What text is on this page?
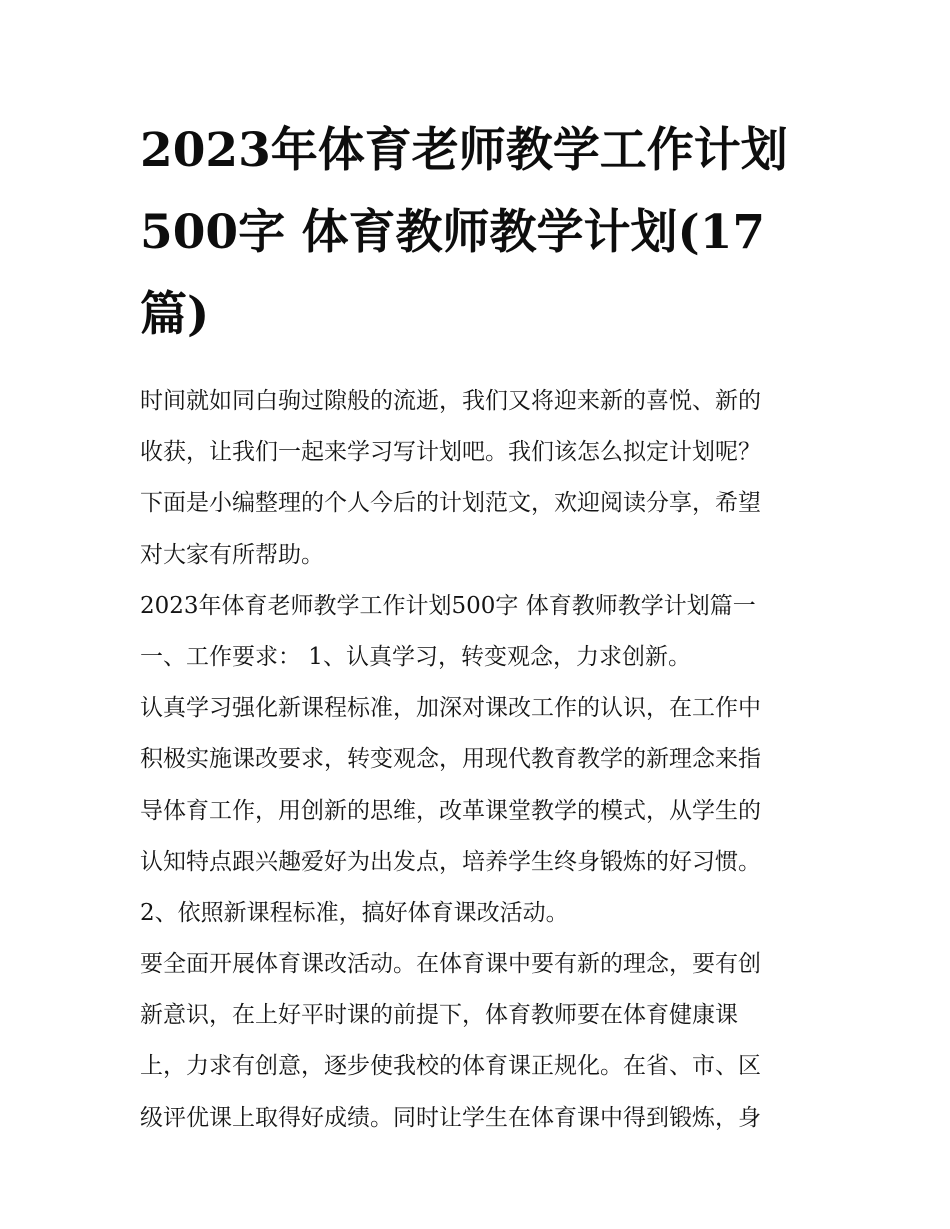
2023年体育老师教学工作计划500字 体育教师教学计划(17篇)
时间就如同白驹过隙般的流逝，我们又将迎来新的喜悦、新的
收获，让我们一起来学习写计划吧。我们该怎么拟定计划呢？
下面是小编整理的个人今后的计划范文，欢迎阅读分享，希望
对大家有所帮助。
2023年体育老师教学工作计划500字 体育教师教学计划篇一
一、工作要求： 1、认真学习，转变观念，力求创新。
认真学习强化新课程标准，加深对课改工作的认识，在工作中
积极实施课改要求，转变观念，用现代教育教学的新理念来指
导体育工作，用创新的思维，改革课堂教学的模式，从学生的
认知特点跟兴趣爱好为出发点，培养学生终身锻炼的好习惯。
2、依照新课程标准，搞好体育课改活动。
要全面开展体育课改活动。在体育课中要有新的理念，要有创
新意识，在上好平时课的前提下，体育教师要在体育健康课
上，力求有创意，逐步使我校的体育课正规化。在省、市、区
级评优课上取得好成绩。同时让学生在体育课中得到锻炼，身
